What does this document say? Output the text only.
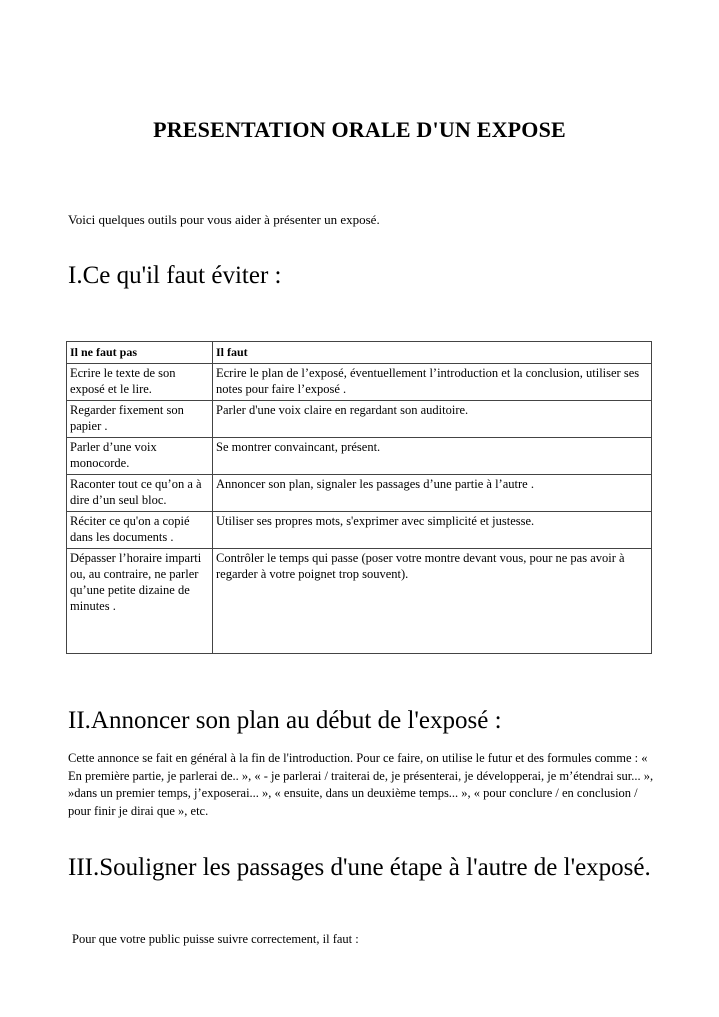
PRESENTATION ORALE D'UN EXPOSE
Voici quelques outils pour vous aider à présenter un exposé.
I.Ce qu'il faut éviter :
Il ne faut pas	Il faut
Ecrire le texte de son exposé et le lire.	Ecrire le plan de l’exposé, éventuellement l’introduction et la conclusion, utiliser ses notes pour faire l’exposé .
Regarder fixement son papier .	Parler d'une voix claire en regardant son auditoire.
Parler d’une voix monocorde.	Se montrer convaincant, présent.
Raconter tout ce qu’on a à dire d’un seul bloc.	Annoncer son plan, signaler les passages d’une partie à l’autre .
Réciter ce qu'on a copié dans les documents .	Utiliser ses propres mots, s'exprimer avec simplicité et justesse.
Dépasser l’horaire imparti ou, au contraire, ne parler qu’une petite dizaine de minutes .	Contrôler le temps qui passe (poser votre montre devant vous, pour ne pas avoir à regarder à votre poignet trop souvent).
II.Annoncer son plan au début de l'exposé :
Cette annonce se fait en général à la fin de l'introduction. Pour ce faire, on utilise le futur et des formules comme : « En première partie, je parlerai de.. », « - je parlerai / traiterai de, je présenterai, je développerai, je m’étendrai sur... », »dans un premier temps, j’exposerai... », « ensuite, dans un deuxième temps... », « pour conclure / en conclusion / pour finir je dirai que », etc.
III.Souligner les passages d'une étape à l'autre de l'exposé.
Pour que votre public puisse suivre correctement, il faut :
